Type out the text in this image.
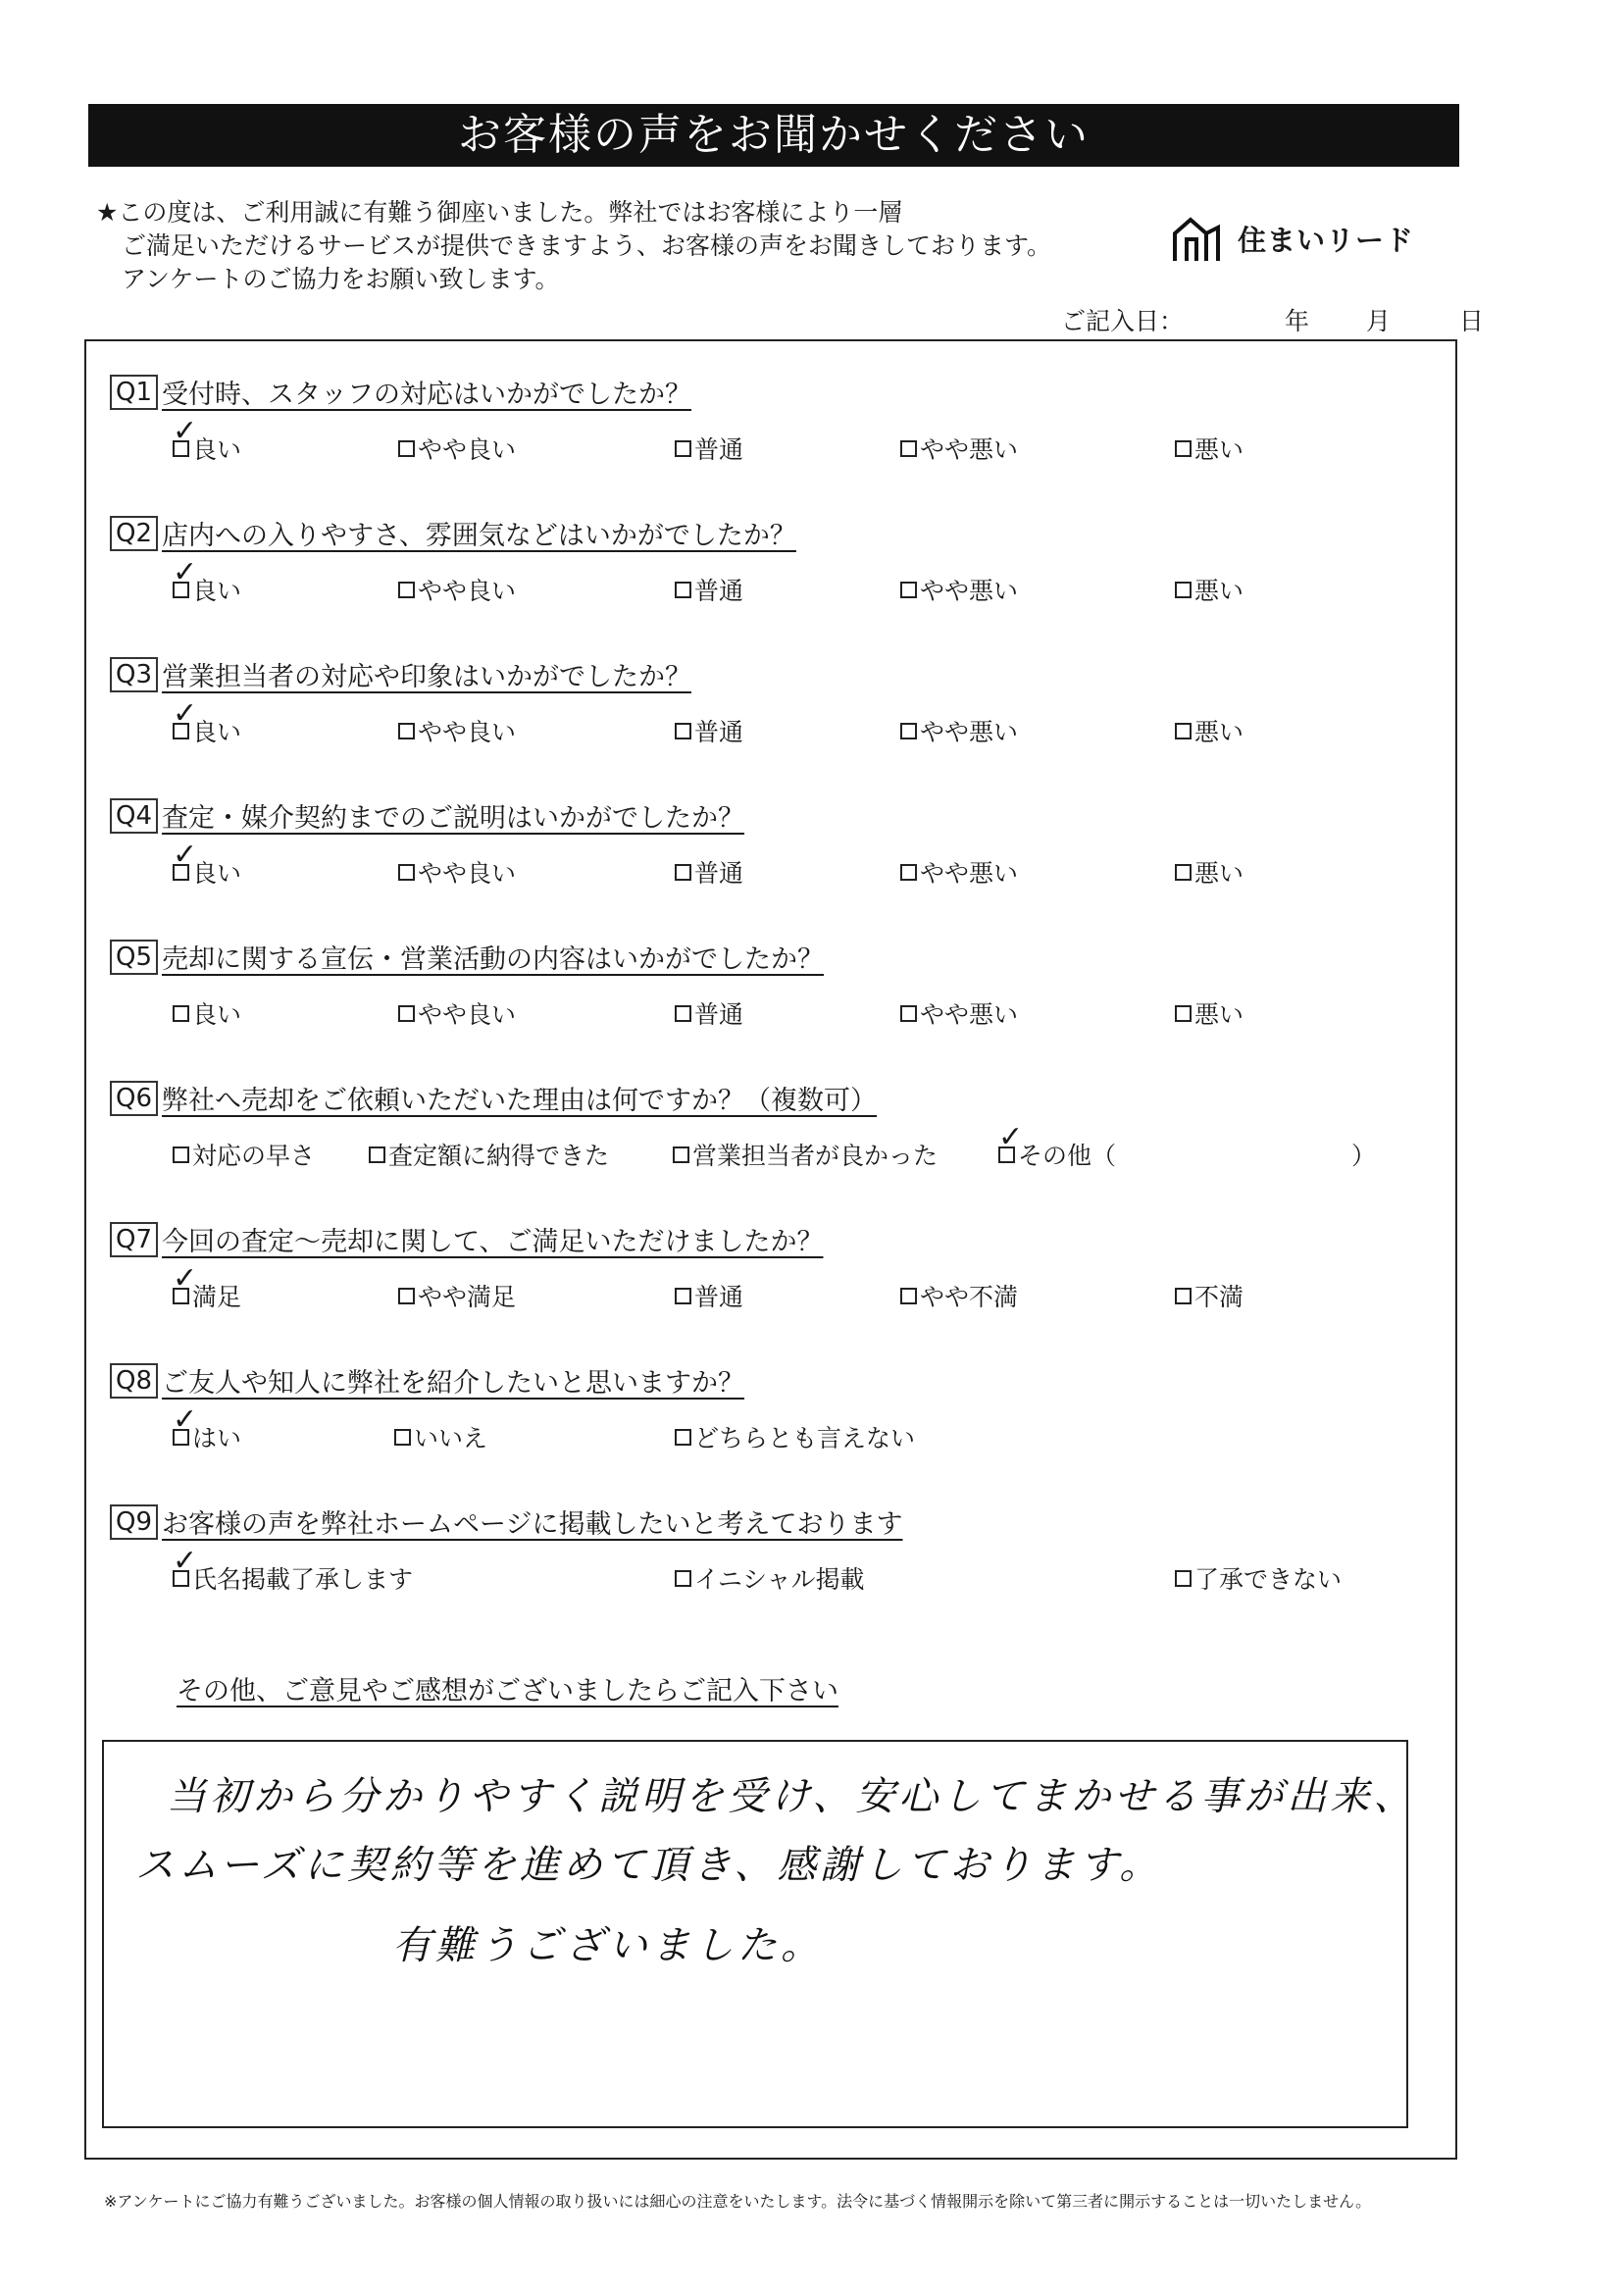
お客様の声をお聞かせください
★この度は、ご利用誠に有難う御座いました。弊社ではお客様により一層
ご満足いただけるサービスが提供できますよう、お客様の声をお聞きしております。
アンケートのご協力をお願い致します。
住まいリード
ご記入日：	年 月	日
Q1 受付時、スタッフの対応はいかがでしたか？
✓
良い	やや良い	普通	やや悪い	悪い
Q2 店内への入りやすさ、雰囲気などはいかがでしたか？
✓
良い	やや良い	普通	やや悪い	悪い
Q3 営業担当者の対応や印象はいかがでしたか？
✓
良い	やや良い	普通	やや悪い	悪い
Q4 査定・媒介契約までのご説明はいかがでしたか？
✓
良い	やや良い	普通	やや悪い	悪い
Q5 売却に関する宣伝・営業活動の内容はいかがでしたか？
良い	やや良い	普通	やや悪い	悪い
Q6 弊社へ売却をご依頼いただいた理由は何ですか？（複数可）
対応の早さ	査定額に納得できた	営業担当者が良かった
✓
その他（	）
Q7 今回の査定～売却に関して、ご満足いただけましたか？
✓
満足	やや満足	普通	やや不満	不満
Q8 ご友人や知人に弊社を紹介したいと思いますか？
✓
はい	いいえ	どちらとも言えない
Q9 お客様の声を弊社ホームページに掲載したいと考えております
✓
氏名掲載了承します	イニシャル掲載	了承できない
その他、ご意見やご感想がございましたらご記入下さい
当初から分かりやすく説明を受け、安心してまかせる事が出来、
スムーズに契約等を進めて頂き、感謝しております。
有難うございました。
※アンケートにご協力有難うございました。お客様の個人情報の取り扱いには細心の注意をいたします。法令に基づく情報開示を除いて第三者に開示することは一切いたしません。
